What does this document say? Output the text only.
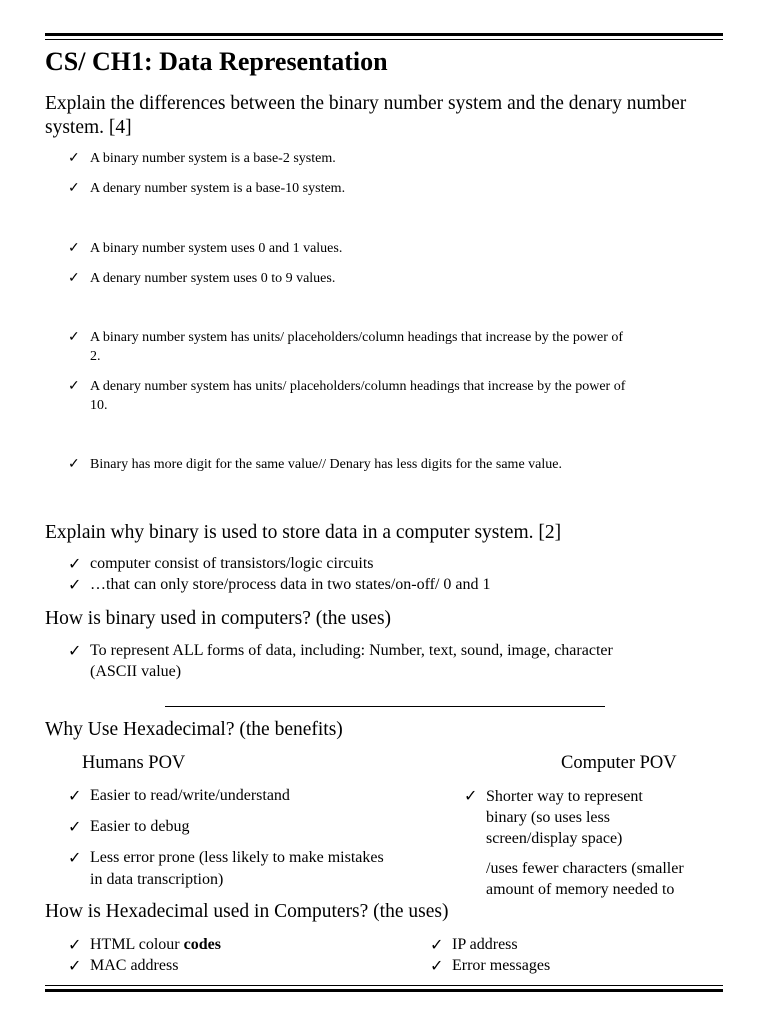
CS/ CH1: Data Representation
Explain the differences between the binary number system and the denary number
system. [4]
✓ A binary number system is a base-2 system.
✓ A denary number system is a base-10 system.
✓ A binary number system uses 0 and 1 values.
✓ A denary number system uses 0 to 9 values.
✓ A binary number system has units/ placeholders/column headings that increase by the power of
2.
✓ A denary number system has units/ placeholders/column headings that increase by the power of
10.
✓ Binary has more digit for the same value// Denary has less digits for the same value.
Explain why binary is used to store data in a computer system. [2]
✓ computer consist of transistors/logic circuits
✓ …that can only store/process data in two states/on-off/ 0 and 1
How is binary used in computers? (the uses)
✓ To represent ALL forms of data, including: Number, text, sound, image, character
(ASCII value)
Why Use Hexadecimal? (the benefits)
Humans POV	Computer POV
✓ Easier to read/write/understand
✓ Easier to debug
✓ Less error prone (less likely to make mistakes
in data transcription)
✓ Shorter way to represent
binary (so uses less
screen/display space)
/uses fewer characters (smaller
amount of memory needed to
How is Hexadecimal used in Computers? (the uses)
✓ HTML colour codes
✓ MAC address
✓ IP address
✓ Error messages
